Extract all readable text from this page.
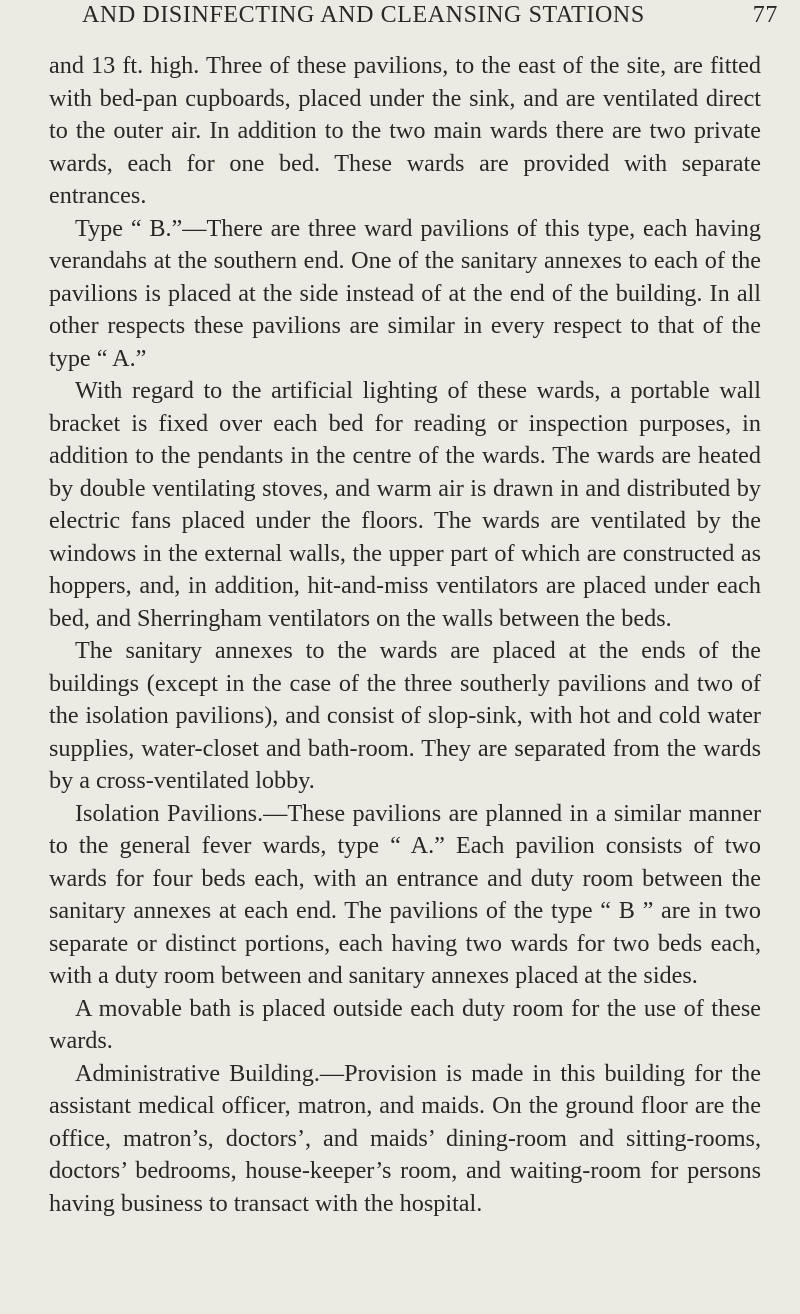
AND DISINFECTING AND CLEANSING STATIONS	77

and 13 ft. high. Three of these pavilions, to the east of the site, are fitted with bed-pan cupboards, placed under the sink, and are ventilated direct to the outer air. In addition to the two main wards there are two private wards, each for one bed. These wards are provided with separate entrances.

Type “ B.”—There are three ward pavilions of this type, each having verandahs at the southern end. One of the sanitary annexes to each of the pavilions is placed at the side instead of at the end of the building. In all other respects these pavilions are similar in every respect to that of the type “ A.”

With regard to the artificial lighting of these wards, a portable wall bracket is fixed over each bed for reading or inspection purposes, in addition to the pendants in the centre of the wards. The wards are heated by double ventilating stoves, and warm air is drawn in and distributed by electric fans placed under the floors. The wards are ventilated by the windows in the external walls, the upper part of which are constructed as hoppers, and, in addition, hit-and-miss ventilators are placed under each bed, and Sherringham ventilators on the walls between the beds.

The sanitary annexes to the wards are placed at the ends of the buildings (except in the case of the three southerly pavilions and two of the isolation pavilions), and consist of slop-sink, with hot and cold water supplies, water-closet and bath-room. They are separated from the wards by a cross-ventilated lobby.

Isolation Pavilions.—These pavilions are planned in a similar manner to the general fever wards, type “ A.” Each pavilion consists of two wards for four beds each, with an entrance and duty room between the sanitary annexes at each end. The pavilions of the type “ B ” are in two separate or distinct portions, each having two wards for two beds each, with a duty room between and sanitary annexes placed at the sides.

A movable bath is placed outside each duty room for the use of these wards.

Administrative Building.—Provision is made in this building for the assistant medical officer, matron, and maids. On the ground floor are the office, matron’s, doctors’, and maids’ dining-room and sitting-rooms, doctors’ bedrooms, house-keeper’s room, and waiting-room for persons having business to transact with the hospital.
